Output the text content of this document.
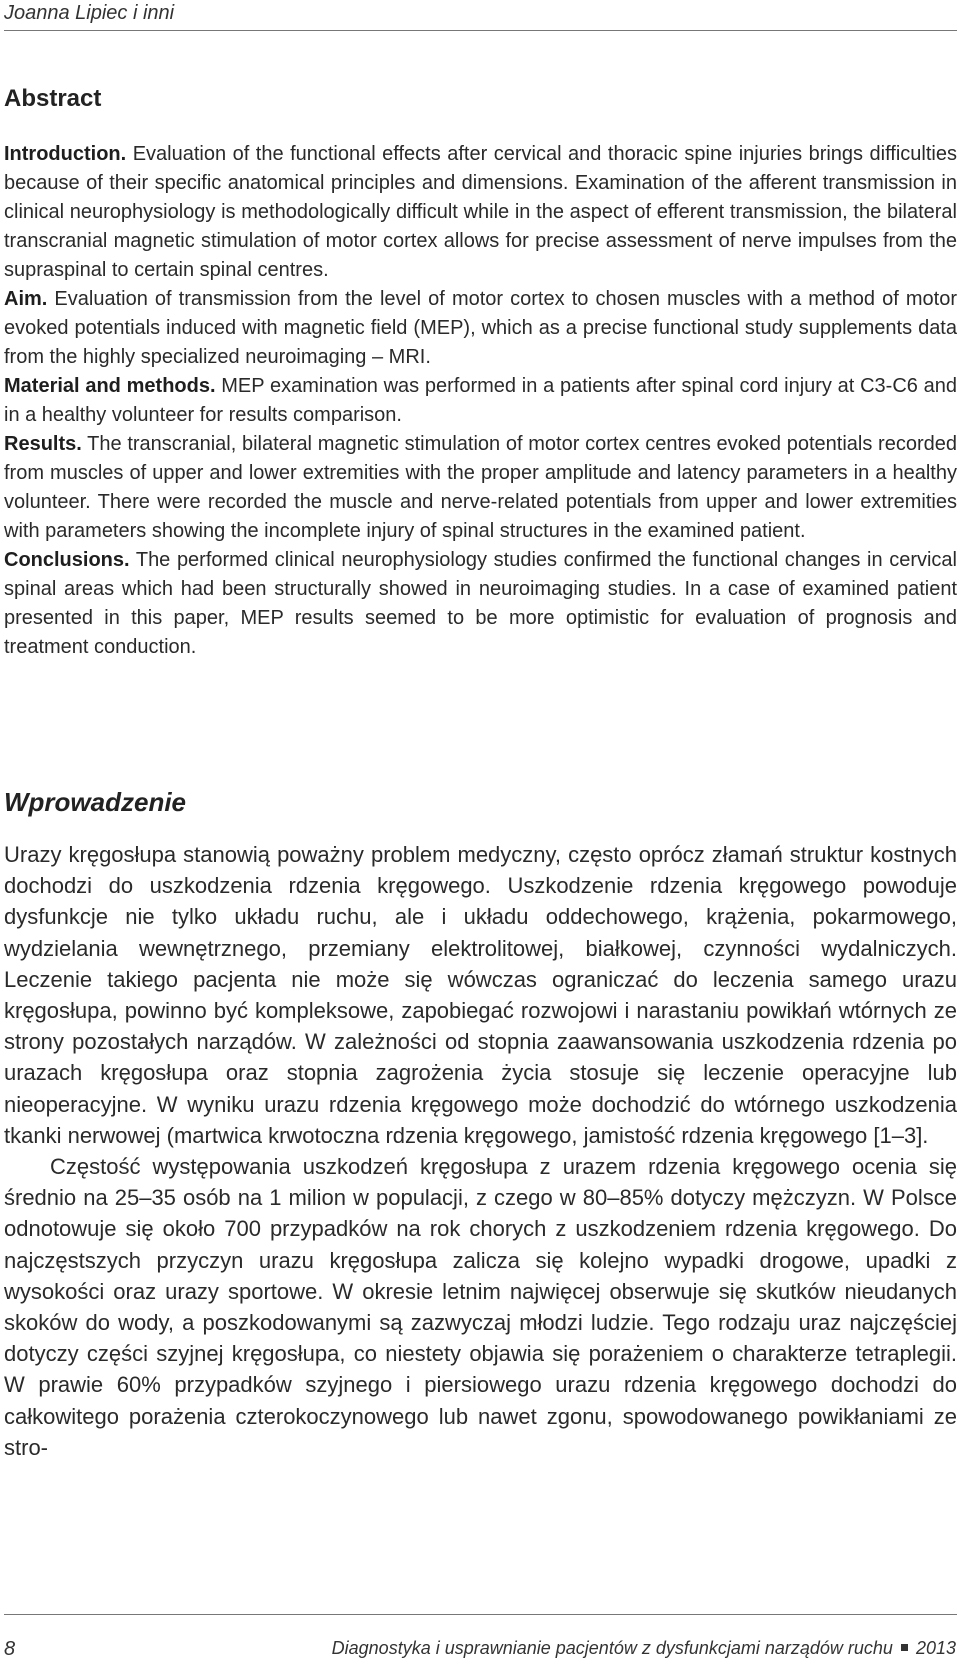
Joanna Lipiec i inni
Abstract

Introduction. Evaluation of the functional effects after cervical and thoracic spine injuries brings difficulties because of their specific anatomical principles and dimensions. Examination of the afferent transmission in clinical neurophysiology is methodologically difficult while in the aspect of efferent transmission, the bilateral transcranial magnetic stimulation of motor cortex allows for precise assessment of nerve impulses from the supraspinal to certain spinal centres.

Aim. Evaluation of transmission from the level of motor cortex to chosen muscles with a method of motor evoked potentials induced with magnetic field (MEP), which as a precise functional study supplements data from the highly specialized neuroimaging – MRI.

Material and methods. MEP examination was performed in a patients after spinal cord injury at C3-C6 and in a healthy volunteer for results comparison.

Results. The transcranial, bilateral magnetic stimulation of motor cortex centres evoked potentials recorded from muscles of upper and lower extremities with the proper amplitude and latency parameters in a healthy volunteer. There were recorded the muscle and nerve-related potentials from upper and lower extremities with parameters showing the incomplete injury of spinal structures in the examined patient.

Conclusions. The performed clinical neurophysiology studies confirmed the functional changes in cervical spinal areas which had been structurally showed in neuroimaging studies. In a case of examined patient presented in this paper, MEP results seemed to be more optimistic for evaluation of prognosis and treatment conduction.

Wprowadzenie

Urazy kręgosłupa stanowią poważny problem medyczny, często oprócz złamań struktur kostnych dochodzi do uszkodzenia rdzenia kręgowego. Uszkodzenie rdzenia kręgowego powoduje dysfunkcje nie tylko układu ruchu, ale i układu oddechowego, krążenia, pokarmowego, wydzielania wewnętrznego, przemiany elektrolitowej, białkowej, czynności wydalniczych. Leczenie takiego pacjenta nie może się wówczas ograniczać do leczenia samego urazu kręgosłupa, powinno być kompleksowe, zapobiegać rozwojowi i narastaniu powikłań wtórnych ze strony pozostałych narządów. W zależności od stopnia zaawansowania uszkodzenia rdzenia po urazach kręgosłupa oraz stopnia zagrożenia życia stosuje się leczenie operacyjne lub nieoperacyjne. W wyniku urazu rdzenia kręgowego może dochodzić do wtórnego uszkodzenia tkanki nerwowej (martwica krwotoczna rdzenia kręgowego, jamistość rdzenia kręgowego [1–3].

Częstość występowania uszkodzeń kręgosłupa z urazem rdzenia kręgowego ocenia się średnio na 25–35 osób na 1 milion w populacji, z czego w 80–85% dotyczy mężczyzn. W Polsce odnotowuje się około 700 przypadków na rok chorych z uszkodzeniem rdzenia kręgowego. Do najczęstszych przyczyn urazu kręgosłupa zalicza się kolejno wypadki drogowe, upadki z wysokości oraz urazy sportowe. W okresie letnim najwięcej obserwuje się skutków nieudanych skoków do wody, a poszkodowanymi są zazwyczaj młodzi ludzie. Tego rodzaju uraz najczęściej dotyczy części szyjnej kręgosłupa, co niestety objawia się porażeniem o charakterze tetraplegii. W prawie 60% przypadków szyjnego i piersiowego urazu rdzenia kręgowego dochodzi do całkowitego porażenia czterokoczynowego lub nawet zgonu, spowodowanego powikłaniami ze stro-

8	Diagnostyka i usprawnianie pacjentów z dysfunkcjami narządów ruchu 2013
